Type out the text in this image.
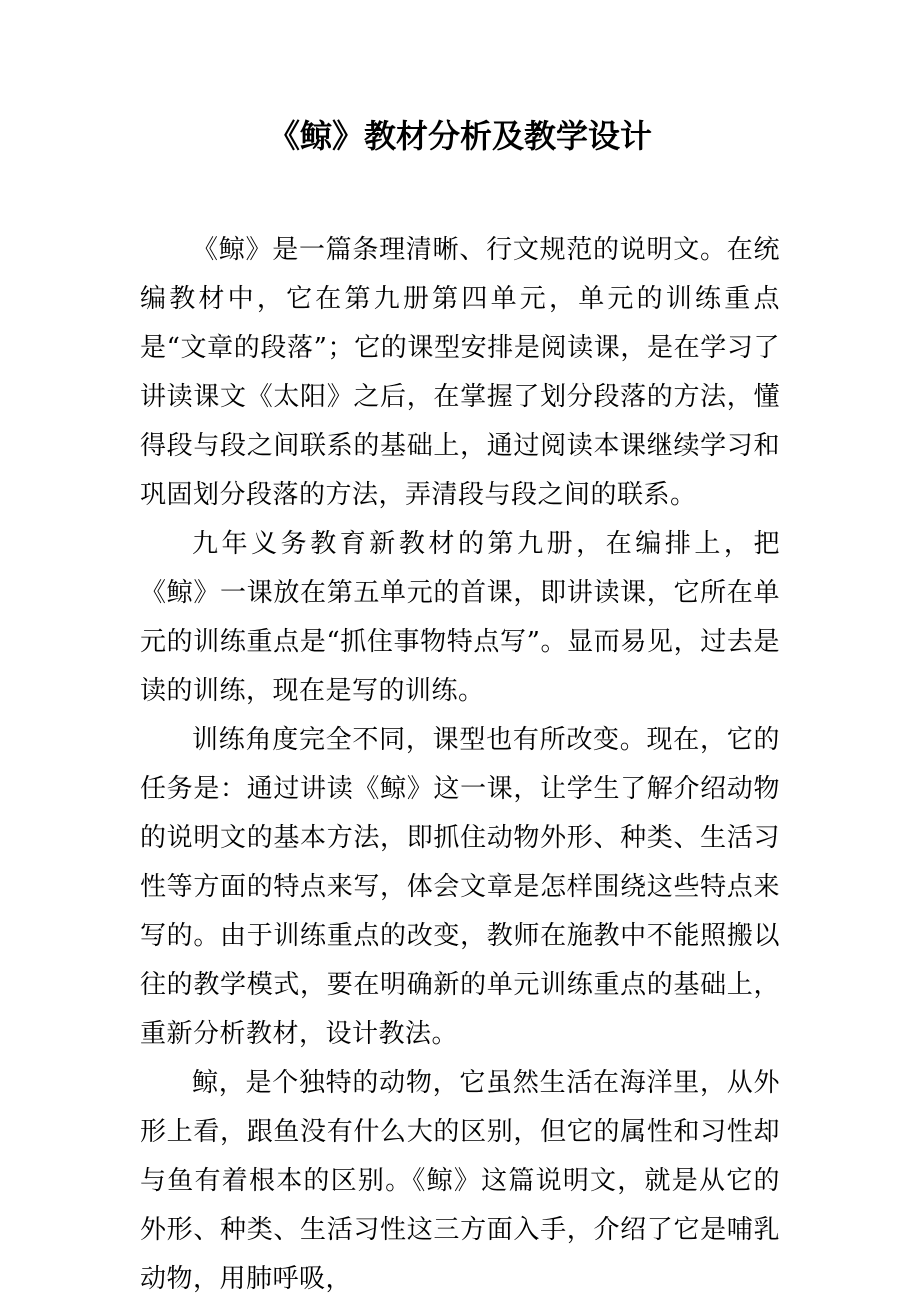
《鲸》教材分析及教学设计

《鲸》是一篇条理清晰、行文规范的说明文。在统编教材中，它在第九册第四单元，单元的训练重点是“文章的段落”；它的课型安排是阅读课，是在学习了讲读课文《太阳》之后，在掌握了划分段落的方法，懂得段与段之间联系的基础上，通过阅读本课继续学习和巩固划分段落的方法，弄清段与段之间的联系。

九年义务教育新教材的第九册，在编排上，把《鲸》一课放在第五单元的首课，即讲读课，它所在单元的训练重点是“抓住事物特点写”。显而易见，过去是读的训练，现在是写的训练。

训练角度完全不同，课型也有所改变。现在，它的任务是：通过讲读《鲸》这一课，让学生了解介绍动物的说明文的基本方法，即抓住动物外形、种类、生活习性等方面的特点来写，体会文章是怎样围绕这些特点来写的。由于训练重点的改变，教师在施教中不能照搬以往的教学模式，要在明确新的单元训练重点的基础上，重新分析教材，设计教法。

鲸，是个独特的动物，它虽然生活在海洋里，从外形上看，跟鱼没有什么大的区别，但它的属性和习性却与鱼有着根本的区别。《鲸》这篇说明文，就是从它的外形、种类、生活习性这三方面入手，介绍了它是哺乳动物，用肺呼吸，
